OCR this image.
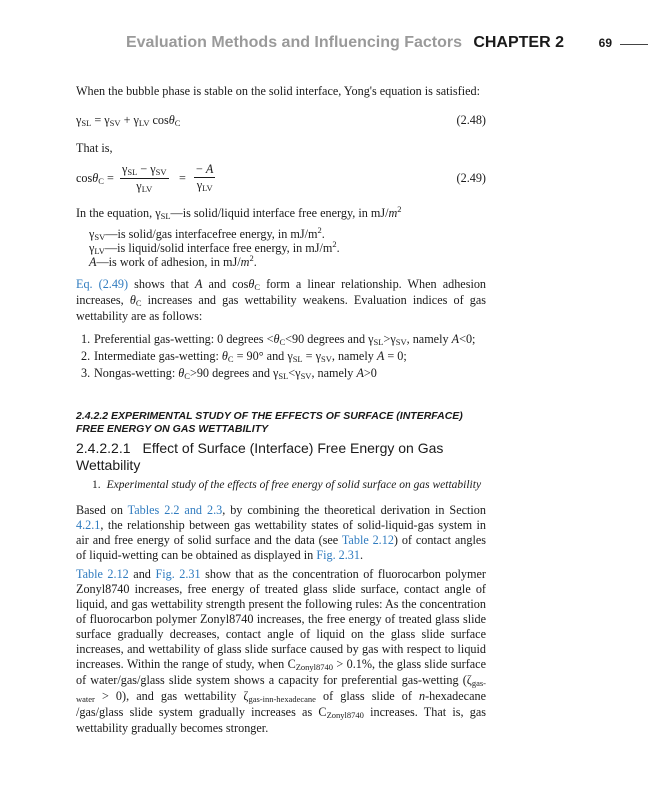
Evaluation Methods and Influencing Factors CHAPTER 2	69

When the bubble phase is stable on the solid interface, Yong's equation is satisfied:

γSL = γSV + γLV cosθC	(2.48)

That is,

cosθC =
γSL − γSV
γLV
=
− A
γLV
(2.49)

In the equation, γSL—is solid/liquid interface free energy, in $mJ/m^2$

γSV—is solid/gas interfacefree energy, in $mJ/m^2$.
γLV—is liquid/solid interface free energy, in $mJ/m^2$.
A—is work of adhesion, in $mJ/m^2$.

Eq. (2.49) shows that A and cosθC form a linear relationship. When adhesion increases, θC increases and gas wettability weakens. Evaluation indices of gas wettability are as follows:

1. Preferential gas-wetting: 0 degrees <θC<90 degrees and γSL>γSV, namely A<0;
2. Intermediate gas-wetting: θC = 90° and γSL = γSV, namely A = 0;
3. Nongas-wetting: θC>90 degrees and γSL<γSV, namely A>0
2.4.2.2 EXPERIMENTAL STUDY OF THE EFFECTS OF SURFACE (INTERFACE) FREE ENERGY ON GAS WETTABILITY
2.4.2.2.1 Effect of Surface (Interface) Free Energy on Gas Wettability
1. Experimental study of the effects of free energy of solid surface on gas wettability

Based on Tables 2.2 and 2.3, by combining the theoretical derivation in Section 4.2.1, the relationship between gas wettability states of solid-liquid-gas system in air and free energy of solid surface and the data (see Table 2.12) of contact angles of liquid-wetting can be obtained as displayed in Fig. 2.31.

Table 2.12 and Fig. 2.31 show that as the concentration of fluorocarbon polymer Zonyl8740 increases, free energy of treated glass slide surface, contact angle of liquid, and gas wettability strength present the following rules: As the concentration of fluorocarbon polymer Zonyl8740 increases, the free energy of treated glass slide surface gradually decreases, contact angle of liquid on the glass slide surface increases, and wettability of glass slide surface caused by gas with respect to liquid increases. Within the range of study, when CZonyl8740 > 0.1%, the glass slide surface of water/gas/glass slide system shows a capacity for preferential gas-wetting (ζgas-water > 0), and gas wettability ζgas-inn-hexadecane of glass slide of n-hexadecane /gas/glass slide system gradually increases as CZonyl8740 increases. That is, gas wettability gradually becomes stronger.
